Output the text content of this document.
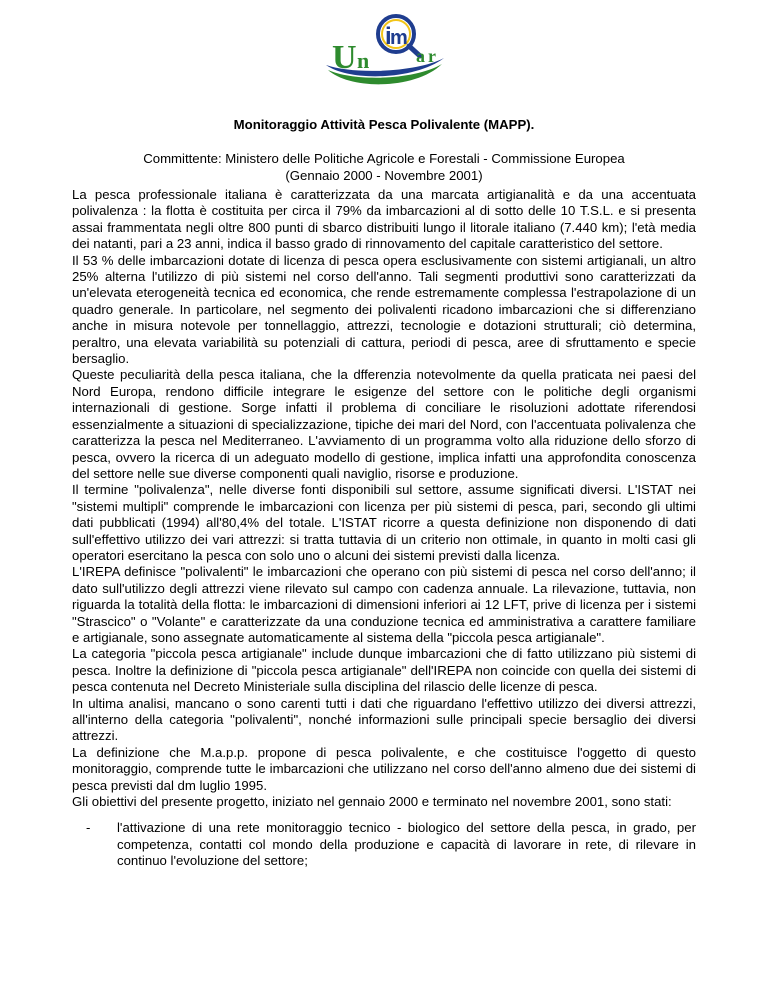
U n
i
m
a r
Monitoraggio Attività Pesca Polivalente (MAPP).
Committente: Ministero delle Politiche Agricole e Forestali - Commissione Europea
(Gennaio 2000 - Novembre 2001)

La pesca professionale italiana è caratterizzata da una marcata artigianalità e da una accentuata polivalenza : la flotta è costituita per circa il 79% da imbarcazioni al di sotto delle 10 T.S.L. e si presenta assai frammentata negli oltre 800 punti di sbarco distribuiti lungo il litorale italiano (7.440 km); l'età media dei natanti, pari a 23 anni, indica il basso grado di rinnovamento del capitale caratteristico del settore.

Il 53 % delle imbarcazioni dotate di licenza di pesca opera esclusivamente con sistemi artigianali, un altro 25% alterna l'utilizzo di più sistemi nel corso dell'anno. Tali segmenti produttivi sono caratterizzati da un'elevata eterogeneità tecnica ed economica, che rende estremamente complessa l'estrapolazione di un quadro generale. In particolare, nel segmento dei polivalenti ricadono imbarcazioni che si differenziano anche in misura notevole per tonnellaggio, attrezzi, tecnologie e dotazioni strutturali; ciò determina, peraltro, una elevata variabilità su potenziali di cattura, periodi di pesca, aree di sfruttamento e specie bersaglio.

Queste peculiarità della pesca italiana, che la dfferenzia notevolmente da quella praticata nei paesi del Nord Europa, rendono difficile integrare le esigenze del settore con le politiche degli organismi internazionali di gestione. Sorge infatti il problema di conciliare le risoluzioni adottate riferendosi essenzialmente a situazioni di specializzazione, tipiche dei mari del Nord, con l'accentuata polivalenza che caratterizza la pesca nel Mediterraneo. L'avviamento di un programma volto alla riduzione dello sforzo di pesca, ovvero la ricerca di un adeguato modello di gestione, implica infatti una approfondita conoscenza del settore nelle sue diverse componenti quali naviglio, risorse e produzione.

Il termine "polivalenza", nelle diverse fonti disponibili sul settore, assume significati diversi. L'ISTAT nei "sistemi multipli" comprende le imbarcazioni con licenza per più sistemi di pesca, pari, secondo gli ultimi dati pubblicati (1994) all'80,4% del totale. L'ISTAT ricorre a questa definizione non disponendo di dati sull'effettivo utilizzo dei vari attrezzi: si tratta tuttavia di un criterio non ottimale, in quanto in molti casi gli operatori esercitano la pesca con solo uno o alcuni dei sistemi previsti dalla licenza.

L'IREPA definisce "polivalenti" le imbarcazioni che operano con più sistemi di pesca nel corso dell'anno; il dato sull'utilizzo degli attrezzi viene rilevato sul campo con cadenza annuale. La rilevazione, tuttavia, non riguarda la totalità della flotta: le imbarcazioni di dimensioni inferiori ai 12 LFT, prive di licenza per i sistemi "Strascico" o "Volante" e caratterizzate da una conduzione tecnica ed amministrativa a carattere familiare e artigianale, sono assegnate automaticamente al sistema della "piccola pesca artigianale".

La categoria "piccola pesca artigianale" include dunque imbarcazioni che di fatto utilizzano più sistemi di pesca. Inoltre la definizione di "piccola pesca artigianale" dell'IREPA non coincide con quella dei sistemi di pesca contenuta nel Decreto Ministeriale sulla disciplina del rilascio delle licenze di pesca.

In ultima analisi, mancano o sono carenti tutti i dati che riguardano l'effettivo utilizzo dei diversi attrezzi, all'interno della categoria "polivalenti", nonché informazioni sulle principali specie bersaglio dei diversi attrezzi.

La definizione che M.a.p.p. propone di pesca polivalente, e che costituisce l'oggetto di questo monitoraggio, comprende tutte le imbarcazioni che utilizzano nel corso dell'anno almeno due dei sistemi di pesca previsti dal dm luglio 1995.

Gli obiettivi del presente progetto, iniziato nel gennaio 2000 e terminato nel novembre 2001, sono stati:

- l'attivazione di una rete monitoraggio tecnico - biologico del settore della pesca, in grado, per competenza, contatti col mondo della produzione e capacità di lavorare in rete, di rilevare in continuo l'evoluzione del settore;
